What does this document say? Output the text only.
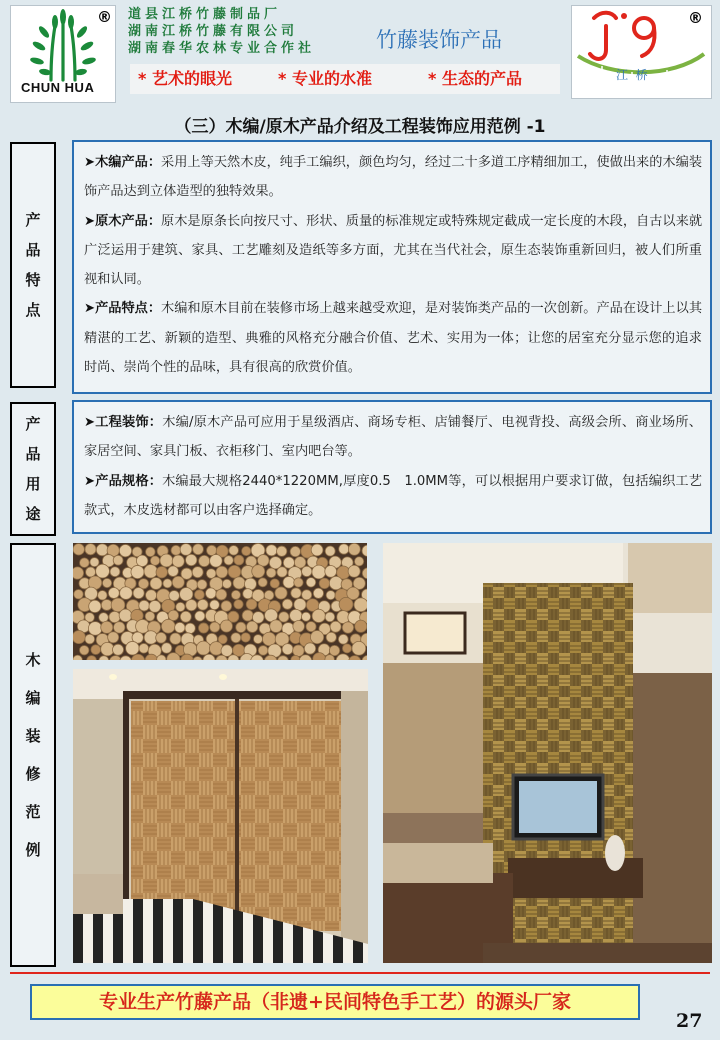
®
CHUN HUA
道县江桥竹藤制品厂
湖南江桥竹藤有限公司
湖南春华农林专业合作社	竹藤装饰产品
* 艺术的眼光	* 专业的水准	* 生态的产品
®
江  桥
（三）木编/原木产品介绍及工程装饰应用范例 -1
产
品
特
点

➤木编产品：采用上等天然木皮，纯手工编织，颜色均匀，经过二十多道工序精细加工，使做出来的木编装饰产品达到立体造型的独特效果。

➤原木产品：原木是原条长向按尺寸、形状、质量的标准规定或特殊规定截成一定长度的木段，自古以来就广泛运用于建筑、家具、工艺雕刻及造纸等多方面，尤其在当代社会，原生态装饰重新回归，被人们所重视和认同。

➤产品特点：木编和原木目前在装修市场上越来越受欢迎，是对装饰类产品的一次创新。产品在设计上以其精湛的工艺、新颖的造型、典雅的风格充分融合价值、艺术、实用为一体；让您的居室充分显示您的追求时尚、崇尚个性的品味，具有很高的欣赏价值。

产
品
用
途

➤工程装饰：木编/原木产品可应用于星级酒店、商场专柜、店铺餐厅、电视背投、高级会所、商业场所、家居空间、家具门板、衣柜移门、室内吧台等。

➤产品规格：木编最大规格2440*1220MM,厚度0.5　1.0MM等，可以根据用户要求订做，包括编织工艺款式，木皮选材都可以由客户选择确定。

木
编
装
修
范
例
专业生产竹藤产品（非遗+民间特色手工艺）的源头厂家
27
